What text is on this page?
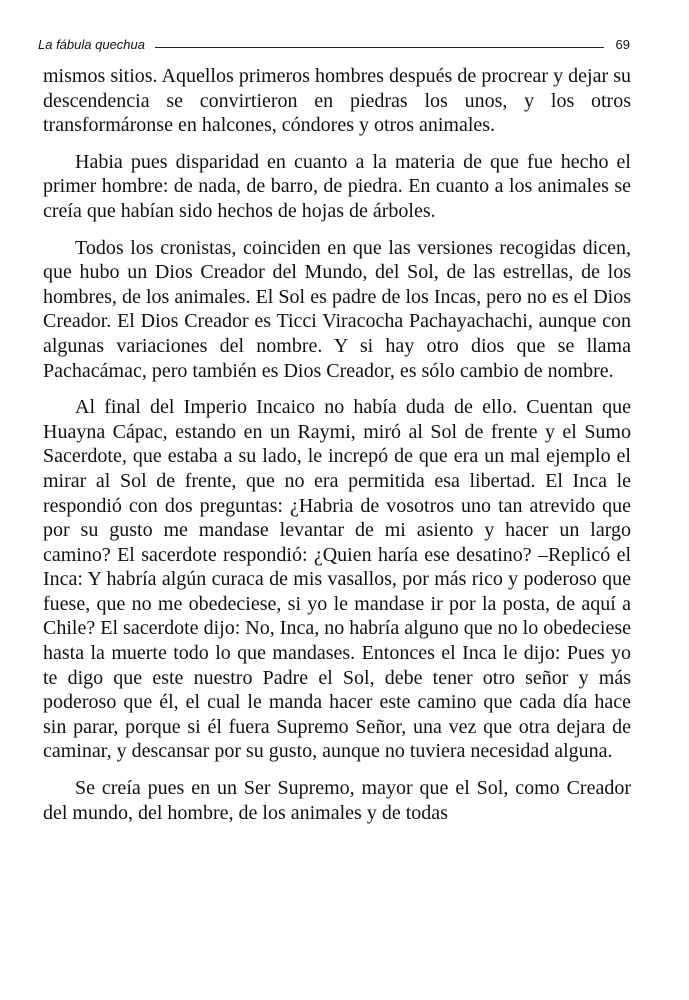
La fábula quechua	69

mismos sitios. Aquellos primeros hombres después de procrear y dejar su descendencia se convirtieron en piedras los unos, y los otros transformáronse en halcones, cóndores y otros animales.

Habia pues disparidad en cuanto a la materia de que fue hecho el primer hombre: de nada, de barro, de piedra. En cuanto a los animales se creía que habían sido hechos de hojas de árboles.

Todos los cronistas, coinciden en que las versiones recogidas dicen, que hubo un Dios Creador del Mundo, del Sol, de las estrellas, de los hombres, de los animales. El Sol es padre de los Incas, pero no es el Dios Creador. El Dios Creador es Ticci Viracocha Pachayachachi, aunque con algunas variaciones del nombre. Y si hay otro dios que se llama Pachacámac, pero también es Dios Creador, es sólo cambio de nombre.

Al final del Imperio Incaico no había duda de ello. Cuentan que Huayna Cápac, estando en un Raymi, miró al Sol de frente y el Sumo Sacerdote, que estaba a su lado, le increpó de que era un mal ejemplo el mirar al Sol de frente, que no era permitida esa libertad. El Inca le respondió con dos preguntas: ¿Habria de vosotros uno tan atrevido que por su gusto me mandase levantar de mi asiento y hacer un largo camino? El sacerdote respondió: ¿Quien haría ese desatino? –Replicó el Inca: Y habría algún curaca de mis vasallos, por más rico y poderoso que fuese, que no me obedeciese, si yo le mandase ir por la posta, de aquí a Chile? El sacerdote dijo: No, Inca, no habría alguno que no lo obedeciese hasta la muerte todo lo que mandases. Entonces el Inca le dijo: Pues yo te digo que este nuestro Padre el Sol, debe tener otro señor y más poderoso que él, el cual le manda hacer este camino que cada día hace sin parar, porque si él fuera Supremo Señor, una vez que otra dejara de caminar, y descansar por su gusto, aunque no tuviera necesidad alguna.

Se creía pues en un Ser Supremo, mayor que el Sol, como Creador del mundo, del hombre, de los animales y de todas
